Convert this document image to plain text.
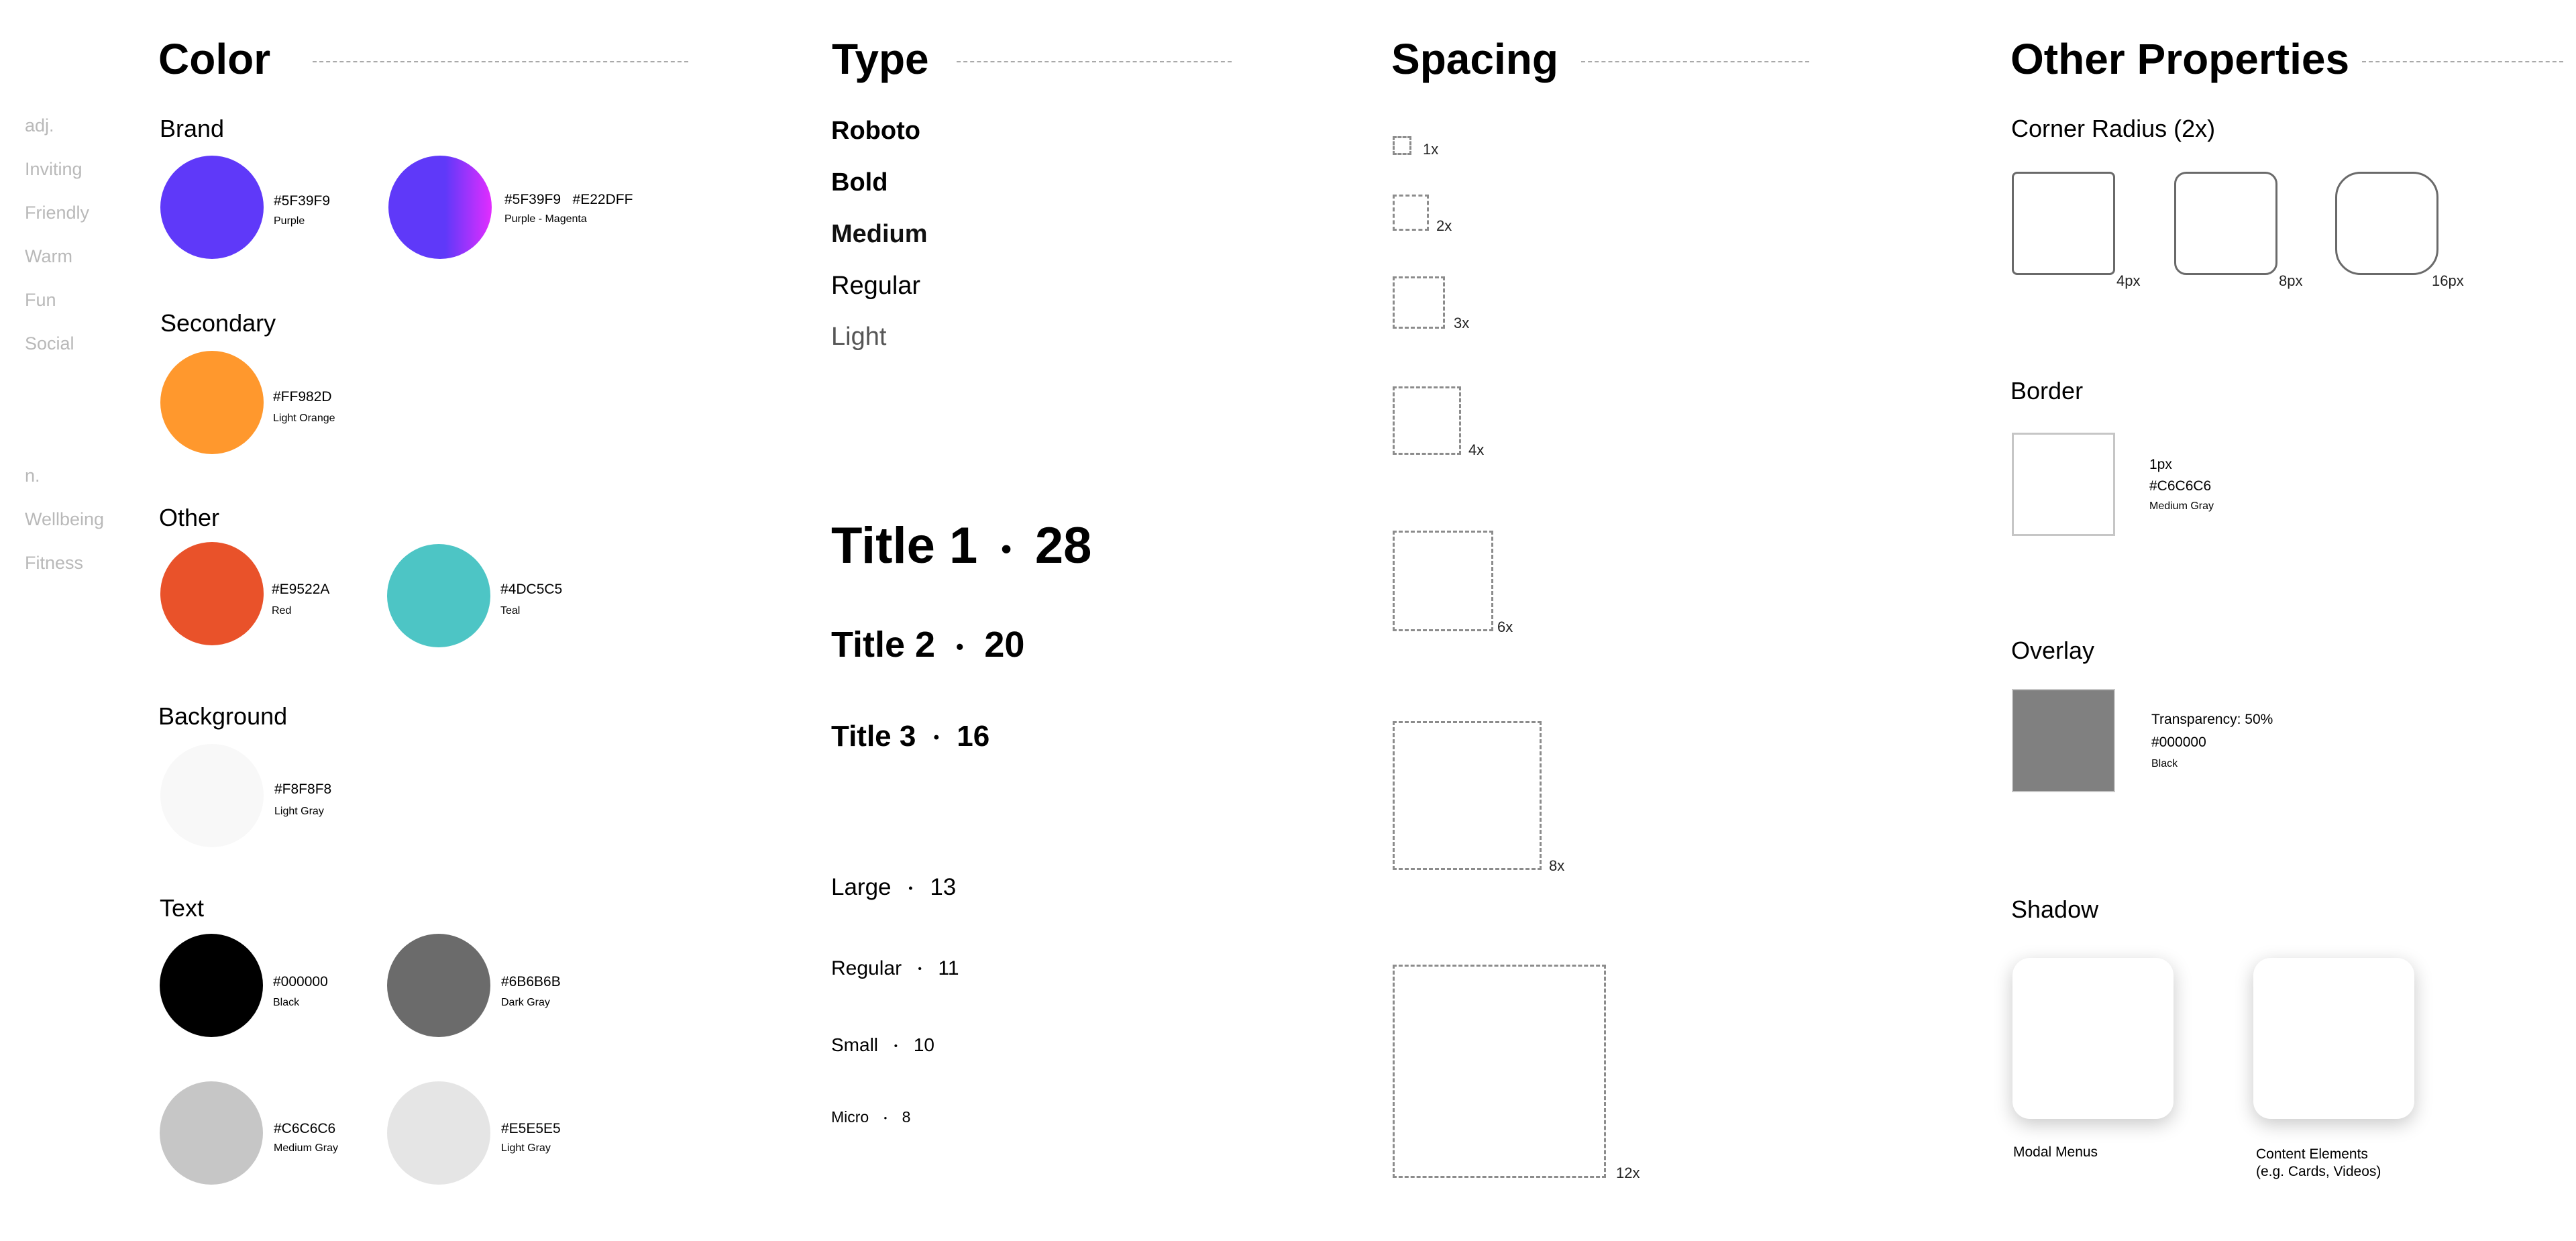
adj.
Inviting
Friendly
Warm
Fun
Social
n.
Wellbeing
Fitness
Color
Brand
#5F39F9
Purple
#5F39F9   #E22DFF
Purple - Magenta
Secondary
#FF982D
Light Orange
Other
#E9522A
Red
#4DC5C5
Teal
Background
#F8F8F8
Light Gray
Text
#000000
Black
#6B6B6B
Dark Gray
#C6C6C6
Medium Gray
#E5E5E5
Light Gray
Type
Roboto
Bold
Medium
Regular
Light
Title 1 • 28
Title 2 • 20
Title 3 • 16
Large • 13
Regular • 11
Small • 10
Micro • 8
Spacing
1x
2x
3x
4x
6x
8x
12x
Other Properties
Corner Radius (2x)
4px	8px	16px
Border
1px
#C6C6C6
Medium Gray
Overlay
Transparency: 50%
#000000
Black
Shadow
Modal Menus	Content Elements
(e.g. Cards, Videos)
